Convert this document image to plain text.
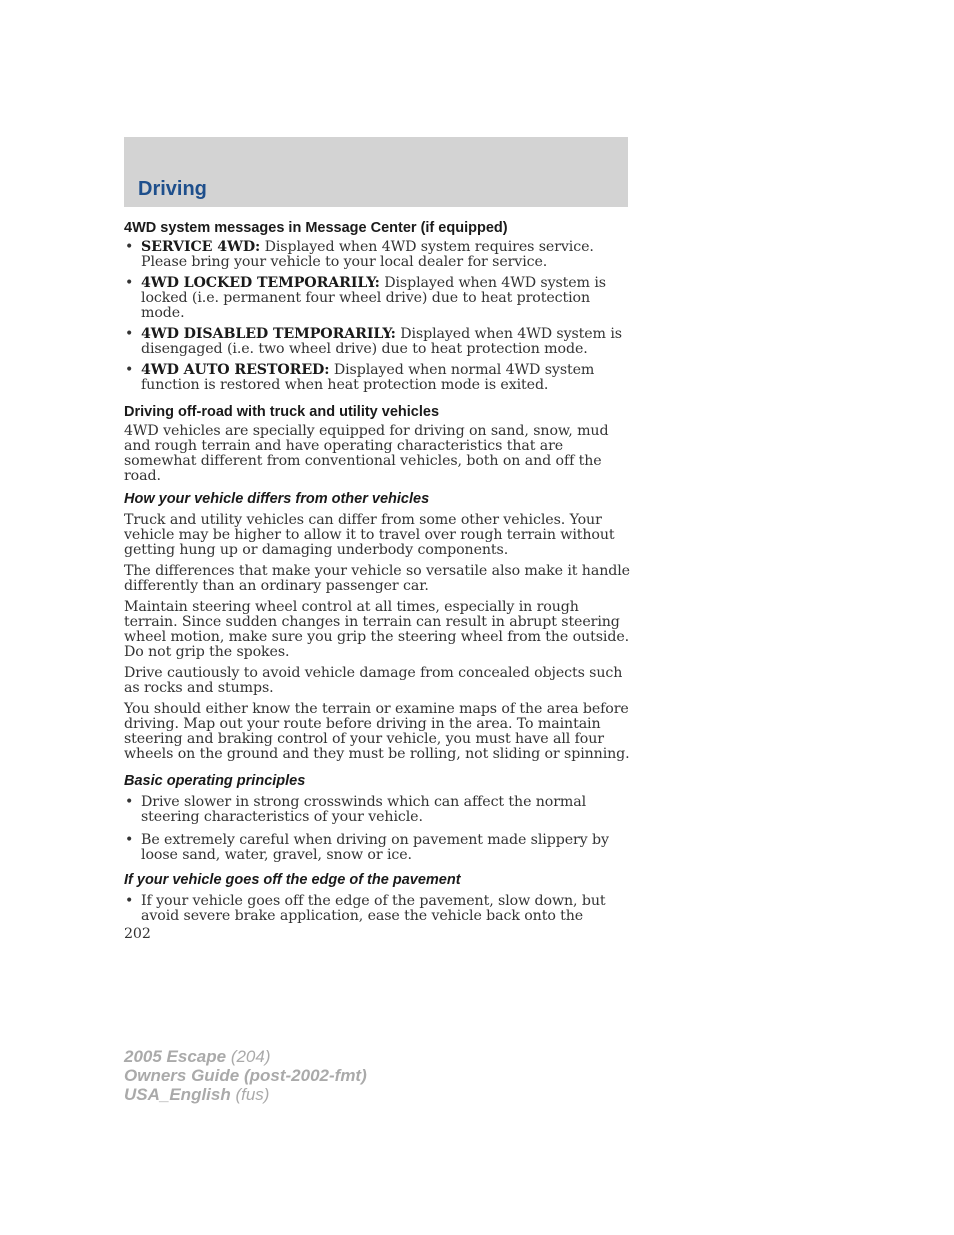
Driving
4WD system messages in Message Center (if equipped)
• SERVICE 4WD: Displayed when 4WD system requires service. Please bring your vehicle to your local dealer for service.
• 4WD LOCKED TEMPORARILY: Displayed when 4WD system is locked (i.e. permanent four wheel drive) due to heat protection mode.
• 4WD DISABLED TEMPORARILY: Displayed when 4WD system is disengaged (i.e. two wheel drive) due to heat protection mode.
• 4WD AUTO RESTORED: Displayed when normal 4WD system function is restored when heat protection mode is exited.
Driving off-road with truck and utility vehicles

4WD vehicles are specially equipped for driving on sand, snow, mud and rough terrain and have operating characteristics that are somewhat different from conventional vehicles, both on and off the road.

How your vehicle differs from other vehicles

Truck and utility vehicles can differ from some other vehicles. Your vehicle may be higher to allow it to travel over rough terrain without getting hung up or damaging underbody components.

The differences that make your vehicle so versatile also make it handle differently than an ordinary passenger car.

Maintain steering wheel control at all times, especially in rough terrain. Since sudden changes in terrain can result in abrupt steering wheel motion, make sure you grip the steering wheel from the outside. Do not grip the spokes.

Drive cautiously to avoid vehicle damage from concealed objects such as rocks and stumps.

You should either know the terrain or examine maps of the area before driving. Map out your route before driving in the area. To maintain steering and braking control of your vehicle, you must have all four wheels on the ground and they must be rolling, not sliding or spinning.

Basic operating principles
• Drive slower in strong crosswinds which can affect the normal steering characteristics of your vehicle.
• Be extremely careful when driving on pavement made slippery by loose sand, water, gravel, snow or ice.
If your vehicle goes off the edge of the pavement
• If your vehicle goes off the edge of the pavement, slow down, but avoid severe brake application, ease the vehicle back onto the

202

2005 Escape (204)
Owners Guide (post-2002-fmt)
USA_English (fus)
